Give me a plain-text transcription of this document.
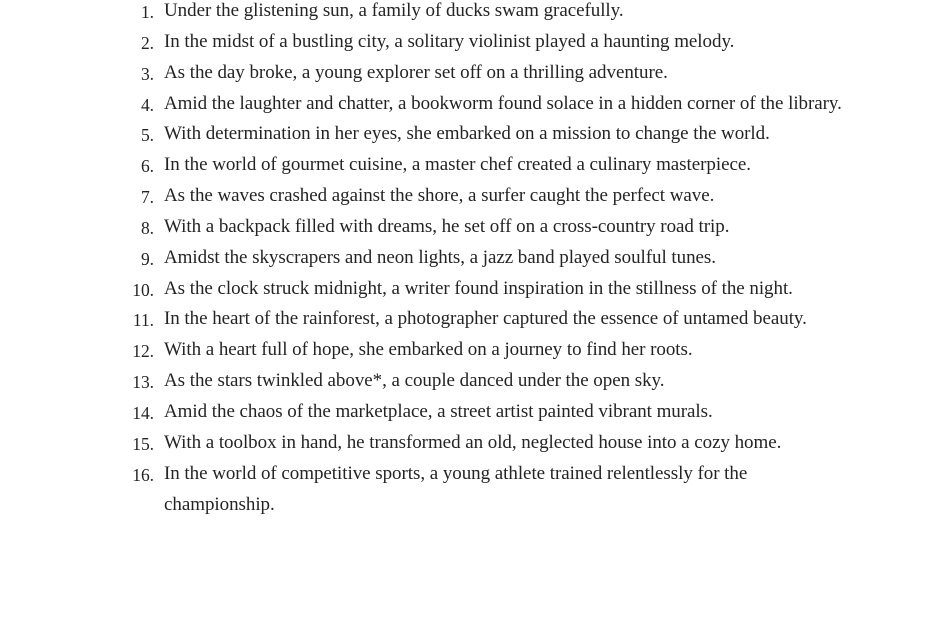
1. Under the glistening sun, a family of ducks swam gracefully.
2. In the midst of a bustling city, a solitary violinist played a haunting melody.
3. As the day broke, a young explorer set off on a thrilling adventure.
4. Amid the laughter and chatter, a bookworm found solace in a hidden corner of the library.
5. With determination in her eyes, she embarked on a mission to change the world.
6. In the world of gourmet cuisine, a master chef created a culinary masterpiece.
7. As the waves crashed against the shore, a surfer caught the perfect wave.
8. With a backpack filled with dreams, he set off on a cross-country road trip.
9. Amidst the skyscrapers and neon lights, a jazz band played soulful tunes.
10. As the clock struck midnight, a writer found inspiration in the stillness of the night.
11. In the heart of the rainforest, a photographer captured the essence of untamed beauty.
12. With a heart full of hope, she embarked on a journey to find her roots.
13. As the stars twinkled above*, a couple danced under the open sky.
14. Amid the chaos of the marketplace, a street artist painted vibrant murals.
15. With a toolbox in hand, he transformed an old, neglected house into a cozy home.
16. In the world of competitive sports, a young athlete trained relentlessly for the championship.
